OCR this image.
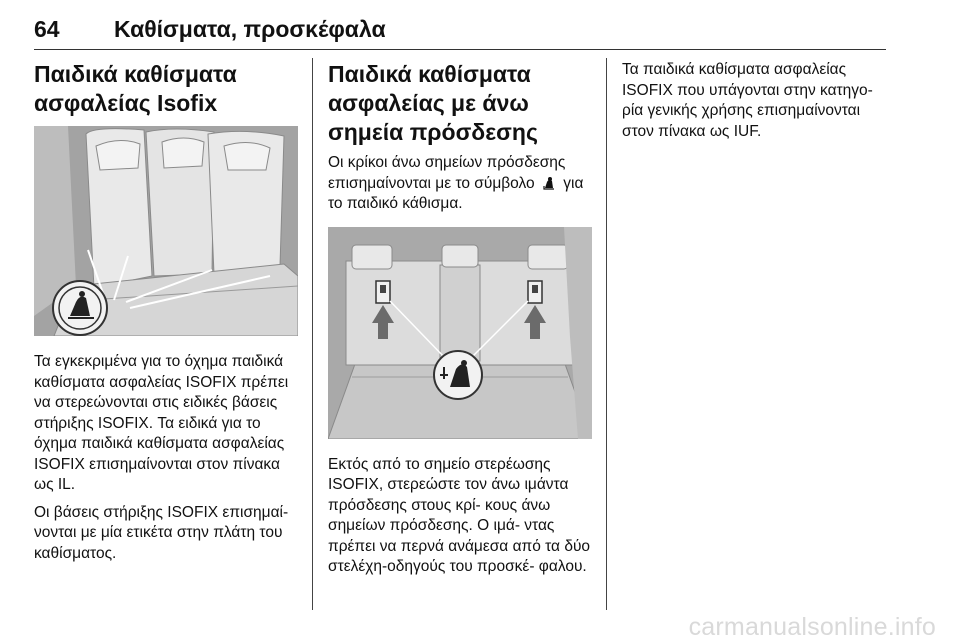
64 Καθίσματα, προσκέφαλα
Παιδικά καθίσματα ασφαλείας Isofix

Τα εγκεκριμένα για το όχημα παιδικά καθίσματα ασφαλείας ISOFIX πρέπει να στερεώνονται στις ειδικές βάσεις στήριξης ISOFIX. Τα ειδικά για το όχημα παιδικά καθίσματα ασφαλείας ISOFIX επισημαίνονται στον πίνακα ως IL.

Οι βάσεις στήριξης ISOFIX επισημαί‑ νονται με μία ετικέτα στην πλάτη του καθίσματος.

Παιδικά καθίσματα ασφαλείας με άνω σημεία πρόσδεσης

Οι κρίκοι άνω σημείων πρόσδεσης επισημαίνονται με το σύμβολο για το παιδικό κάθισμα.

Εκτός από το σημείο στερέωσης ISOFIX, στερεώστε τον άνω ιμάντα πρόσδεσης στους κρί‑ κους άνω σημείων πρόσδεσης. Ο ιμά‑ ντας πρέπει να περνά ανάμεσα από τα δύο στελέχη‑οδηγούς του προσκέ‑ φαλου.

Τα παιδικά καθίσματα ασφαλείας ISOFIX που υπάγονται στην κατηγο‑ ρία γενικής χρήσης επισημαίνονται στον πίνακα ως IUF.

carmanualsonline.info
